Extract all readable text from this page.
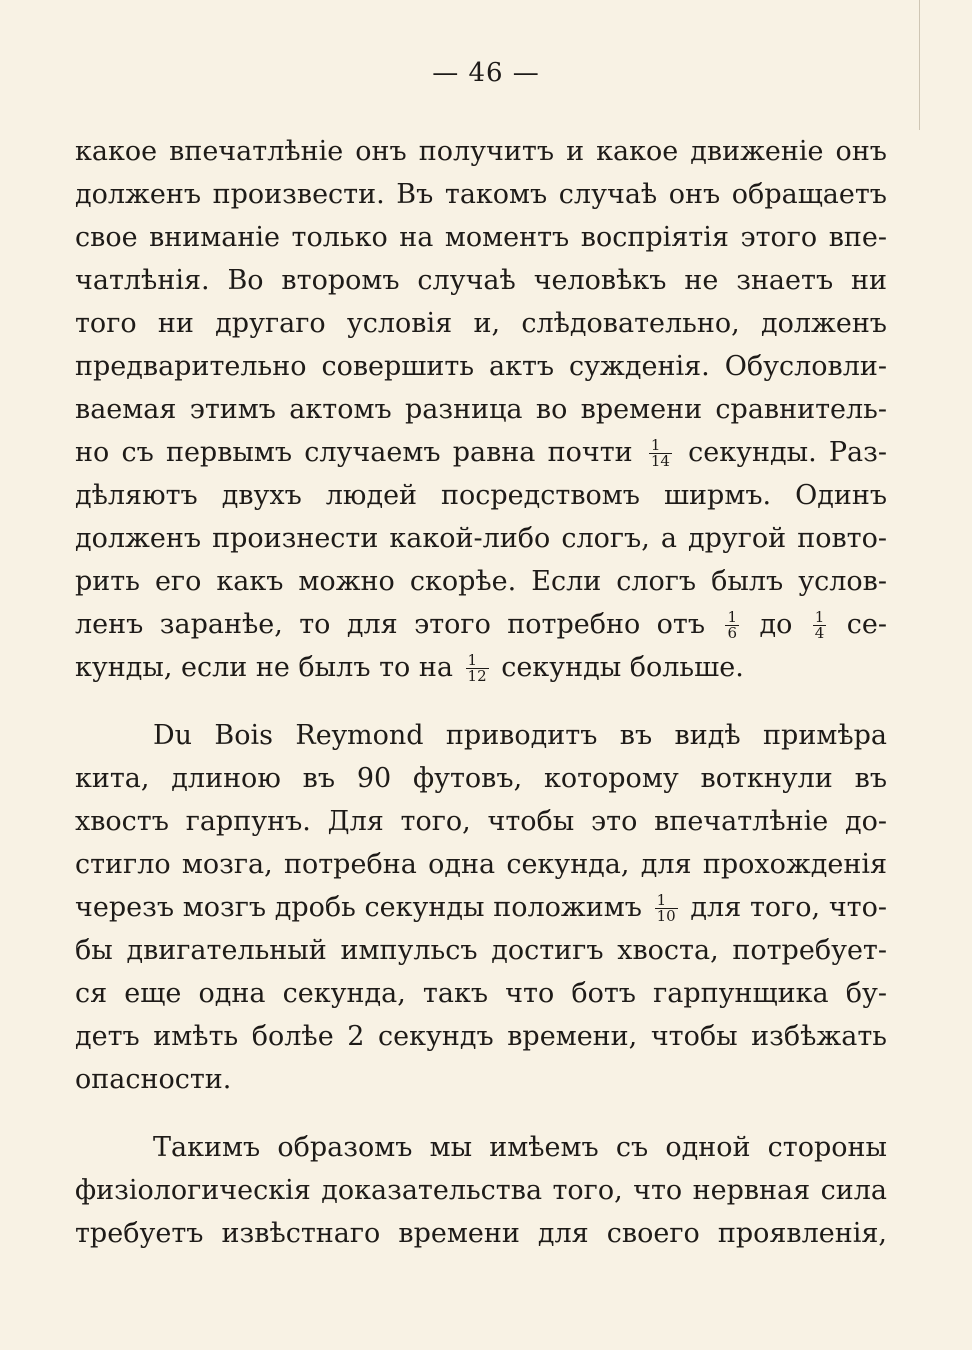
— 46 —
какое впечатлѣніе онъ получитъ и какое движеніе онъ
долженъ произвести. Въ такомъ случаѣ онъ обращаетъ
свое вниманіе только на моментъ воспріятія этого впе-
чатлѣнія. Во второмъ случаѣ человѣкъ не знаетъ ни
того ни другаго условія и, слѣдовательно, долженъ
предварительно совершить актъ сужденія. Обусловли-
ваемая этимъ актомъ разница во времени сравнитель-
но съ первымъ случаемъ равна почти $\frac{1}{14}$ секунды. Раз-
дѣляютъ двухъ людей посредствомъ ширмъ. Одинъ
долженъ произнести какой-либо слогъ, а другой повто-
рить его какъ можно скорѣе. Если слогъ былъ услов-
ленъ заранѣе, то для этого потребно отъ $\frac{1}{6}$ до $\frac{1}{4} се-$
кунды, если не былъ то на $\frac{1}{12}$ секунды больше.
Du Bois Reymond приводитъ въ видѣ примѣра
кита, длиною въ 90 футовъ, которому воткнули въ
хвостъ гарпунъ. Для того, чтобы это впечатлѣніе до-
стигло мозга, потребна одна секунда, для прохожденія
черезъ мозгъ дробь секунды положимъ $\frac{1}{10}$ для того, что-
бы двигательный импульсъ достигъ хвоста, потребует-
ся еще одна секунда, такъ что ботъ гарпунщика бу-
детъ имѣть болѣе 2 секундъ времени, чтобы избѣжать
опасности.
Такимъ образомъ мы имѣемъ съ одной стороны
физіологическія доказательства того, что нервная сила
требуетъ извѣстнаго времени для своего проявленія,
